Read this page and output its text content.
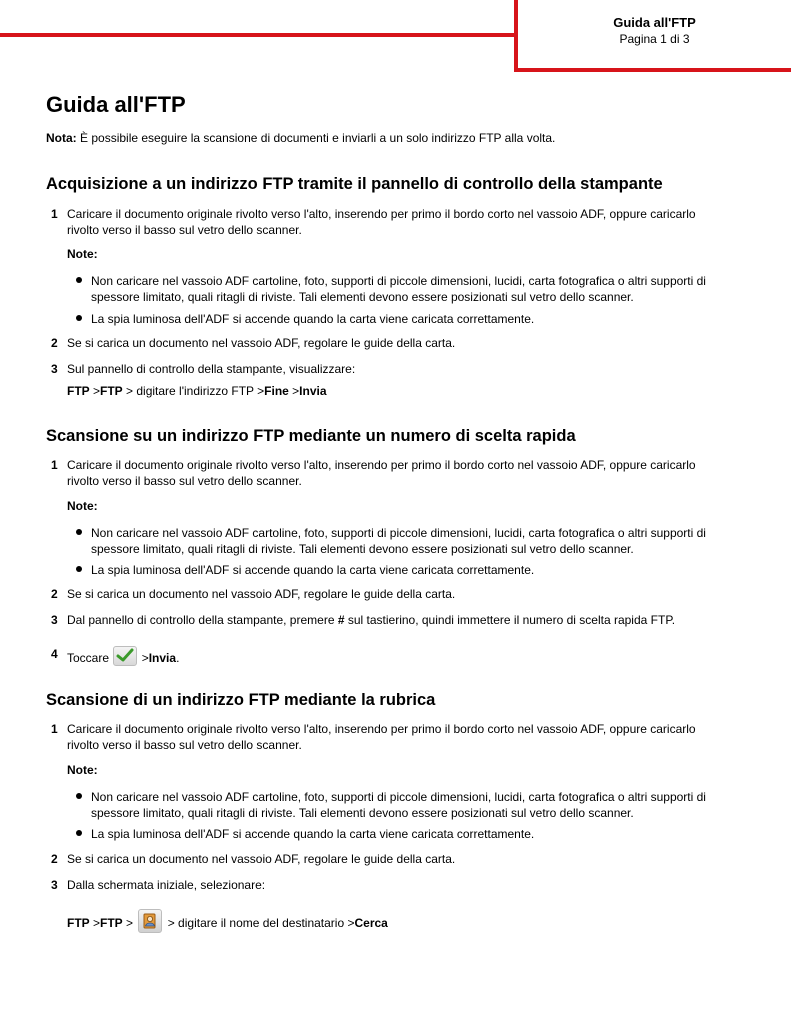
Guida all'FTP
Pagina 1 di 3
Guida all'FTP
Nota: È possibile eseguire la scansione di documenti e inviarli a un solo indirizzo FTP alla volta.
Acquisizione a un indirizzo FTP tramite il pannello di controllo della stampante
1 Caricare il documento originale rivolto verso l'alto, inserendo per primo il bordo corto nel vassoio ADF, oppure caricarlo
rivolto verso il basso sul vetro dello scanner.
Note:
Non caricare nel vassoio ADF cartoline, foto, supporti di piccole dimensioni, lucidi, carta fotografica o altri supporti di
spessore limitato, quali ritagli di riviste. Tali elementi devono essere posizionati sul vetro dello scanner.
La spia luminosa dell'ADF si accende quando la carta viene caricata correttamente.
2 Se si carica un documento nel vassoio ADF, regolare le guide della carta.
3 Sul pannello di controllo della stampante, visualizzare:
FTP >FTP > digitare l'indirizzo FTP >Fine >Invia
Scansione su un indirizzo FTP mediante un numero di scelta rapida
1 Caricare il documento originale rivolto verso l'alto, inserendo per primo il bordo corto nel vassoio ADF, oppure caricarlo
rivolto verso il basso sul vetro dello scanner.
Note:
Non caricare nel vassoio ADF cartoline, foto, supporti di piccole dimensioni, lucidi, carta fotografica o altri supporti di
spessore limitato, quali ritagli di riviste. Tali elementi devono essere posizionati sul vetro dello scanner.
La spia luminosa dell'ADF si accende quando la carta viene caricata correttamente.
2 Se si carica un documento nel vassoio ADF, regolare le guide della carta.
3 Dal pannello di controllo della stampante, premere # sul tastierino, quindi immettere il numero di scelta rapida FTP.
4 Toccare
>Invia.
Scansione di un indirizzo FTP mediante la rubrica
1 Caricare il documento originale rivolto verso l'alto, inserendo per primo il bordo corto nel vassoio ADF, oppure caricarlo
rivolto verso il basso sul vetro dello scanner.
Note:
Non caricare nel vassoio ADF cartoline, foto, supporti di piccole dimensioni, lucidi, carta fotografica o altri supporti di
spessore limitato, quali ritagli di riviste. Tali elementi devono essere posizionati sul vetro dello scanner.
La spia luminosa dell'ADF si accende quando la carta viene caricata correttamente.
2 Se si carica un documento nel vassoio ADF, regolare le guide della carta.
3 Dalla schermata iniziale, selezionare:
FTP >FTP >
> digitare il nome del destinatario >Cerca
